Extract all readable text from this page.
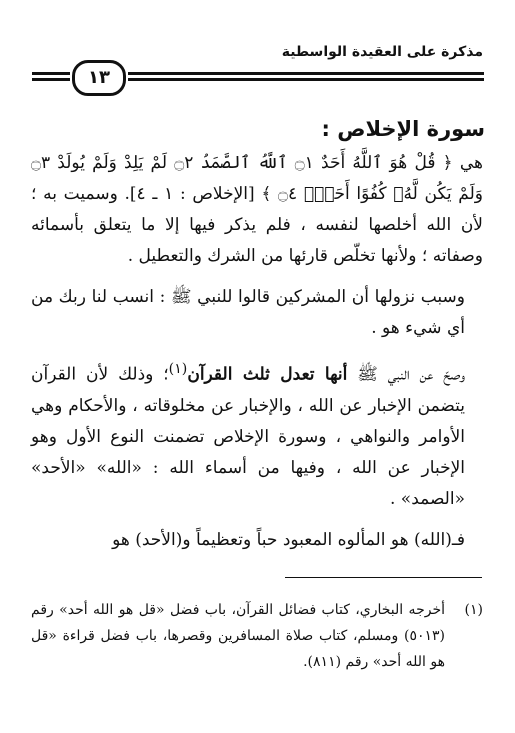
مذكرة على العقيدة الواسطية
١٣
سورة الإخلاص :

هي ﴿ قُلْ هُوَ ٱللَّهُ أَحَدٌ ۝١ ٱللَّهُ ٱلصَّمَدُ ۝٢ لَمْ يَلِدْ وَلَمْ يُولَدْ ۝٣ وَلَمْ يَكُن لَّهُۥ كُفُوًا أَحَدٌۢ ۝٤ ﴾ [الإخلاص : ١ ـ ٤]. وسميت به ؛ لأن الله أخلصها لنفسه ، فلم يذكر فيها إلا ما يتعلق بأسمائه وصفاته ؛ ولأنها تخلّص قارئها من الشرك والتعطيل .

وسبب نزولها أن المشركين قالوا للنبي ﷺ : انسب لنا ربك من أي شيء هو .

وصحّ عن النبي ﷺ أنها تعدل ثلث القرآن$^{(١)}$؛ وذلك لأن القرآن يتضمن الإخبار عن الله ، والإخبار عن مخلوقاته ، والأحكام وهي الأوامر والنواهي ، وسورة الإخلاص تضمنت النوع الأول وهو الإخبار عن الله ، وفيها من أسماء الله : «الله» «الأحد» «الصمد» .

فـ(الله) هو المألوه المعبود حباً وتعظيماً و(الأحد) هو

(١)
أخرجه البخاري، كتاب فضائل القرآن، باب فضل «قل هو الله أحد» رقم (٥٠١٣) ومسلم، كتاب صلاة المسافرين وقصرها، باب فضل قراءة «قل هو الله أحد» رقم (٨١١).
